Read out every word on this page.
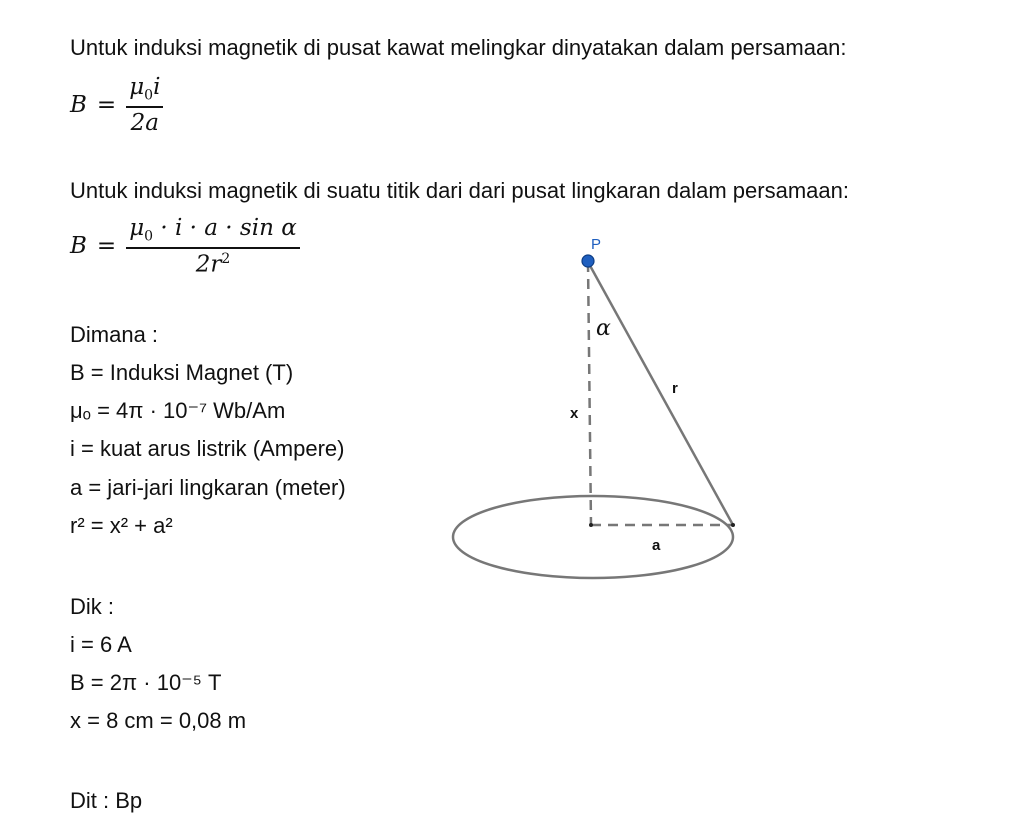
Untuk induksi magnetik di pusat kawat melingkar dinyatakan dalam persamaan:
$B = \frac{\mu_0i}{2a}$
Untuk induksi magnetik di suatu titik dari dari pusat lingkaran dalam persamaan:
$B = \frac{\mu_0 \cdot i \cdot a \cdot \sin \alpha}{2r^2}$
Dimana :
B = Induksi Magnet (T)
μₒ = 4π · 10⁻⁷ Wb/Am
i = kuat arus listrik (Ampere)
a = jari-jari lingkaran (meter)
r² = x² + a²
Dik :
i = 6 A
B = 2π · 10⁻⁵ T
x = 8 cm = 0,08 m
Dit : Bp
P
α
x
r
a
